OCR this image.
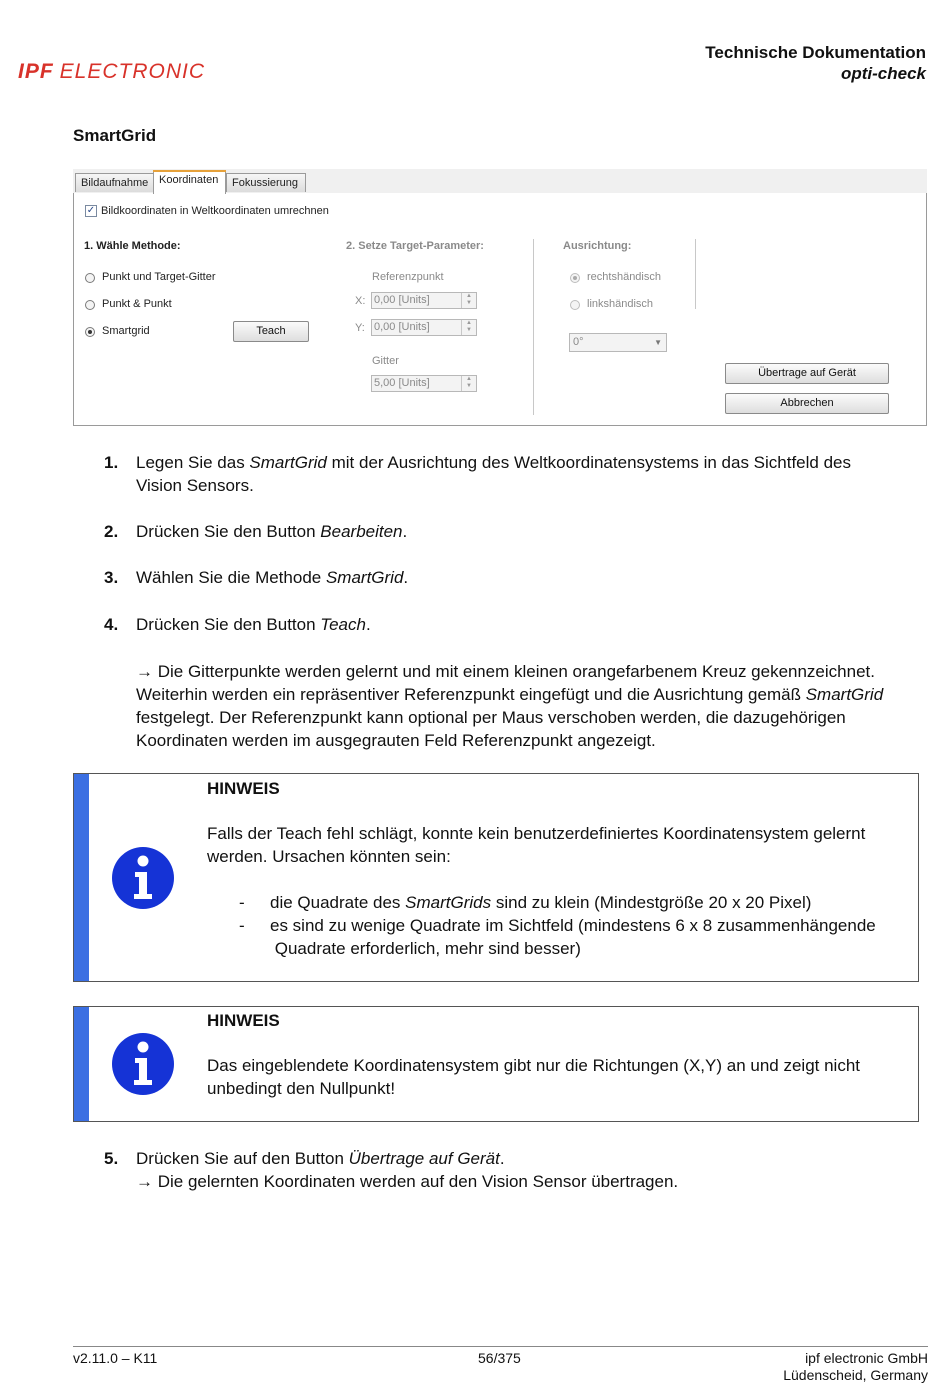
IPF ELECTRONIC
Technische Dokumentation
opti-check
SmartGrid
Bildaufnahme Koordinaten	Fokussierung
✓ Bildkoordinaten in Weltkoordinaten umrechnen
1. Wähle Methode:
Punkt und Target-Gitter
Punkt & Punkt
Smartgrid	Teach
2. Setze Target-Parameter:
Referenzpunkt
X: 0,00 [Units]	▲
▼
Y: 0,00 [Units]	▲
▼
Gitter
5,00 [Units]	▲
▼
Ausrichtung:
rechtshändisch
linkshändisch
0°	▼
Übertrage auf Gerät
Abbrechen
1. Legen Sie das SmartGrid mit der Ausrichtung des Weltkoordinatensystems in das Sichtfeld des
Vision Sensors.
2. Drücken Sie den Button Bearbeiten.
3. Wählen Sie die Methode SmartGrid.
4. Drücken Sie den Button Teach.
→ Die Gitterpunkte werden gelernt und mit einem kleinen orangefarbenem Kreuz gekennzeichnet.
Weiterhin werden ein repräsentiver Referenzpunkt eingefügt und die Ausrichtung gemäß SmartGrid
festgelegt. Der Referenzpunkt kann optional per Maus verschoben werden, die dazugehörigen
Koordinaten werden im ausgegrauten Feld Referenzpunkt angezeigt.
HINWEIS
Falls der Teach fehl schlägt, konnte kein benutzerdefiniertes Koordinatensystem gelernt
werden. Ursachen könnten sein:
- die Quadrate des SmartGrids sind zu klein (Mindestgröße 20 x 20 Pixel)
- es sind zu wenige Quadrate im Sichtfeld (mindestens 6 x 8 zusammenhängende
Quadrate erforderlich, mehr sind besser)
HINWEIS
Das eingeblendete Koordinatensystem gibt nur die Richtungen (X,Y) an und zeigt nicht
unbedingt den Nullpunkt!
5. Drücken Sie auf den Button Übertrage auf Gerät.
→ Die gelernten Koordinaten werden auf den Vision Sensor übertragen.
v2.11.0 – K11	56/375	ipf electronic GmbH
Lüdenscheid, Germany
